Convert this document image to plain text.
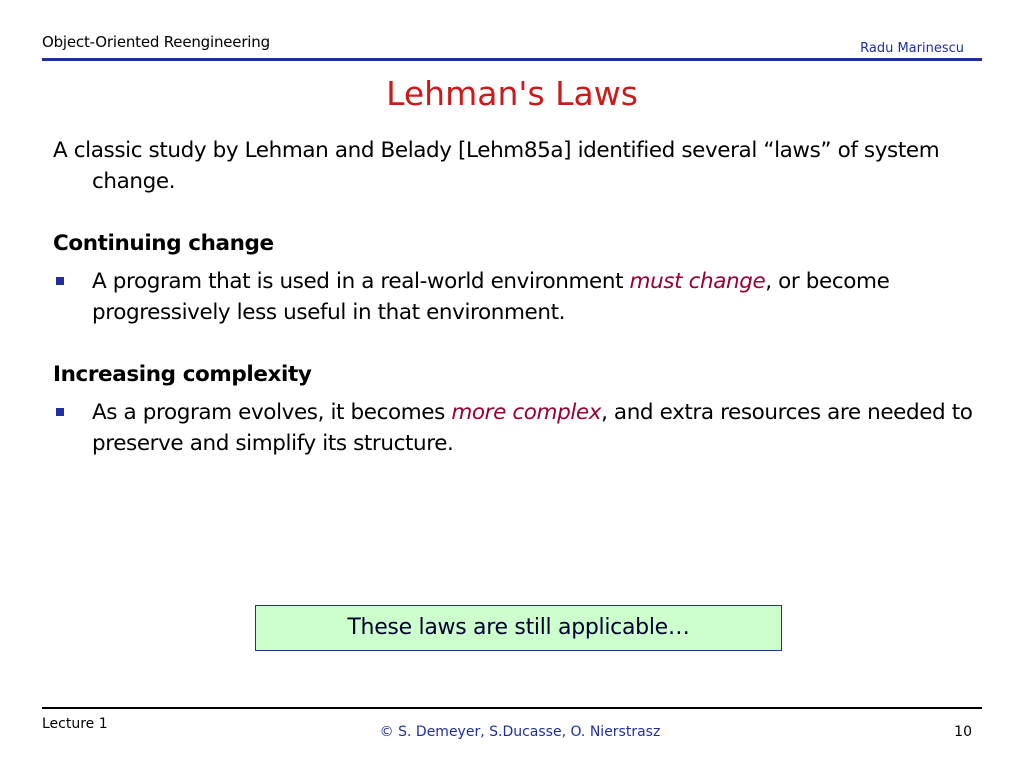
Object-Oriented Reengineering	Radu Marinescu
Lehman's Laws

A classic study by Lehman and Belady [Lehm85a] identified several “laws” of system change.

Continuing change

A program that is used in a real-world environment must change, or become progressively less useful in that environment.

Increasing complexity

As a program evolves, it becomes more complex, and extra resources are needed to preserve and simplify its structure.

These laws are still applicable…
Lecture 1	© S. Demeyer, S.Ducasse, O. Nierstrasz	10
